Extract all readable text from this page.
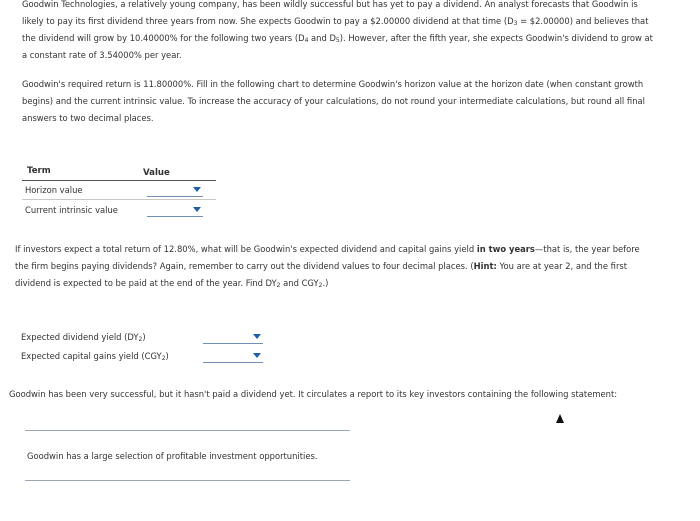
Goodwin Technologies, a relatively young company, has been wildly successful but has yet to pay a dividend. An analyst forecasts that Goodwin is
likely to pay its first dividend three years from now. She expects Goodwin to pay a $2.00000 dividend at that time (D3 = $2.00000) and believes that
the dividend will grow by 10.40000% for the following two years (D4 and D5). However, after the fifth year, she expects Goodwin's dividend to grow at
a constant rate of 3.54000% per year.
Goodwin's required return is 11.80000%. Fill in the following chart to determine Goodwin's horizon value at the horizon date (when constant growth
begins) and the current intrinsic value. To increase the accuracy of your calculations, do not round your intermediate calculations, but round all final
answers to two decimal places.
Term	Value
Horizon value
Current intrinsic value
If investors expect a total return of 12.80%, what will be Goodwin's expected dividend and capital gains yield in two years—that is, the year before
the firm begins paying dividends? Again, remember to carry out the dividend values to four decimal places. (Hint: You are at year 2, and the first
dividend is expected to be paid at the end of the year. Find DY2 and CGY2.)
Expected dividend yield (DY2)
Expected capital gains yield (CGY2)
Goodwin has been very successful, but it hasn't paid a dividend yet. It circulates a report to its key investors containing the following statement:
Goodwin has a large selection of profitable investment opportunities.
